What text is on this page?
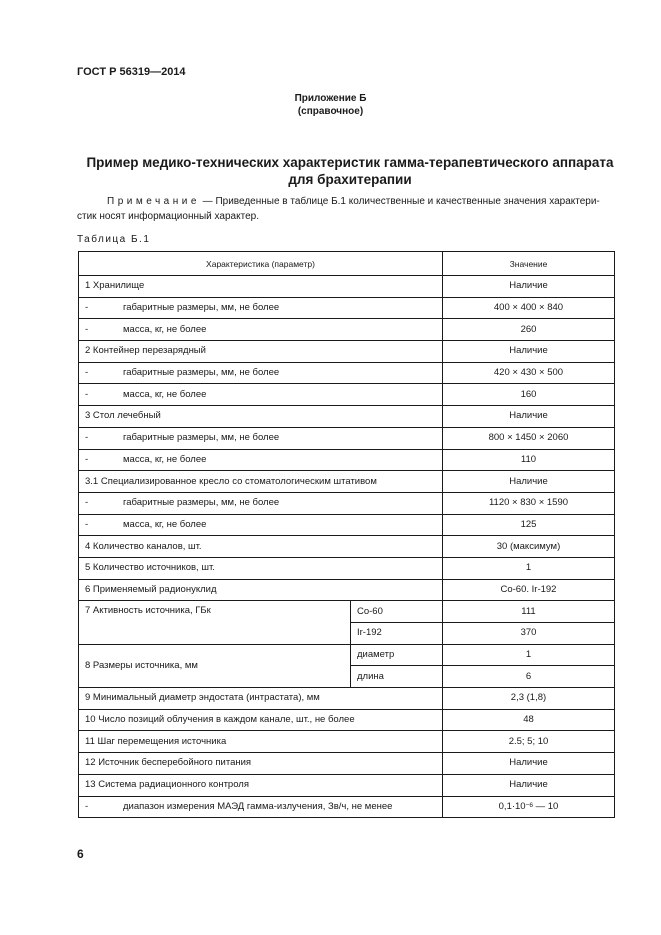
ГОСТ Р 56319—2014
Приложение Б
(справочное)
Пример медико-технических характеристик гамма-терапевтического аппарата
для брахитерапии
Примечание — Приведенные в таблице Б.1 количественные и качественные значения характери-
стик носят информационный характер.
Таблица Б.1
Характеристика (параметр)		Значение
1 Хранилище		Наличие
- габаритные размеры, мм, не более		400 × 400 × 840
- масса, кг, не более		260
2 Контейнер перезарядный		Наличие
- габаритные размеры, мм, не более		420 × 430 × 500
- масса, кг, не более		160
3 Стол лечебный		Наличие
- габаритные размеры, мм, не более		800 × 1450 × 2060
- масса, кг, не более		110
3.1 Специализированное кресло со стоматологическим штативом		Наличие
- габаритные размеры, мм, не более		1120 × 830 × 1590
- масса, кг, не более		125
4 Количество каналов, шт.		30 (максимум)
5 Количество источников, шт.		1
6 Применяемый радионуклид		Co-60. Ir-192
7 Активность источника, ГБк	Co-60	111
	Ir-192	370
8 Размеры источника, мм	диаметр	1
	длина	6
9 Минимальный диаметр эндостата (интрастата), мм		2,3 (1,8)
10 Число позиций облучения в каждом канале, шт., не более		48
11 Шаг перемещения источника		2.5; 5; 10
12 Источник бесперебойного питания		Наличие
13 Система радиационного контроля		Наличие
- диапазон измерения МАЭД гамма-излучения, Зв/ч, не менее		$0,1\cdot 10^{-6}$ — 10
6
